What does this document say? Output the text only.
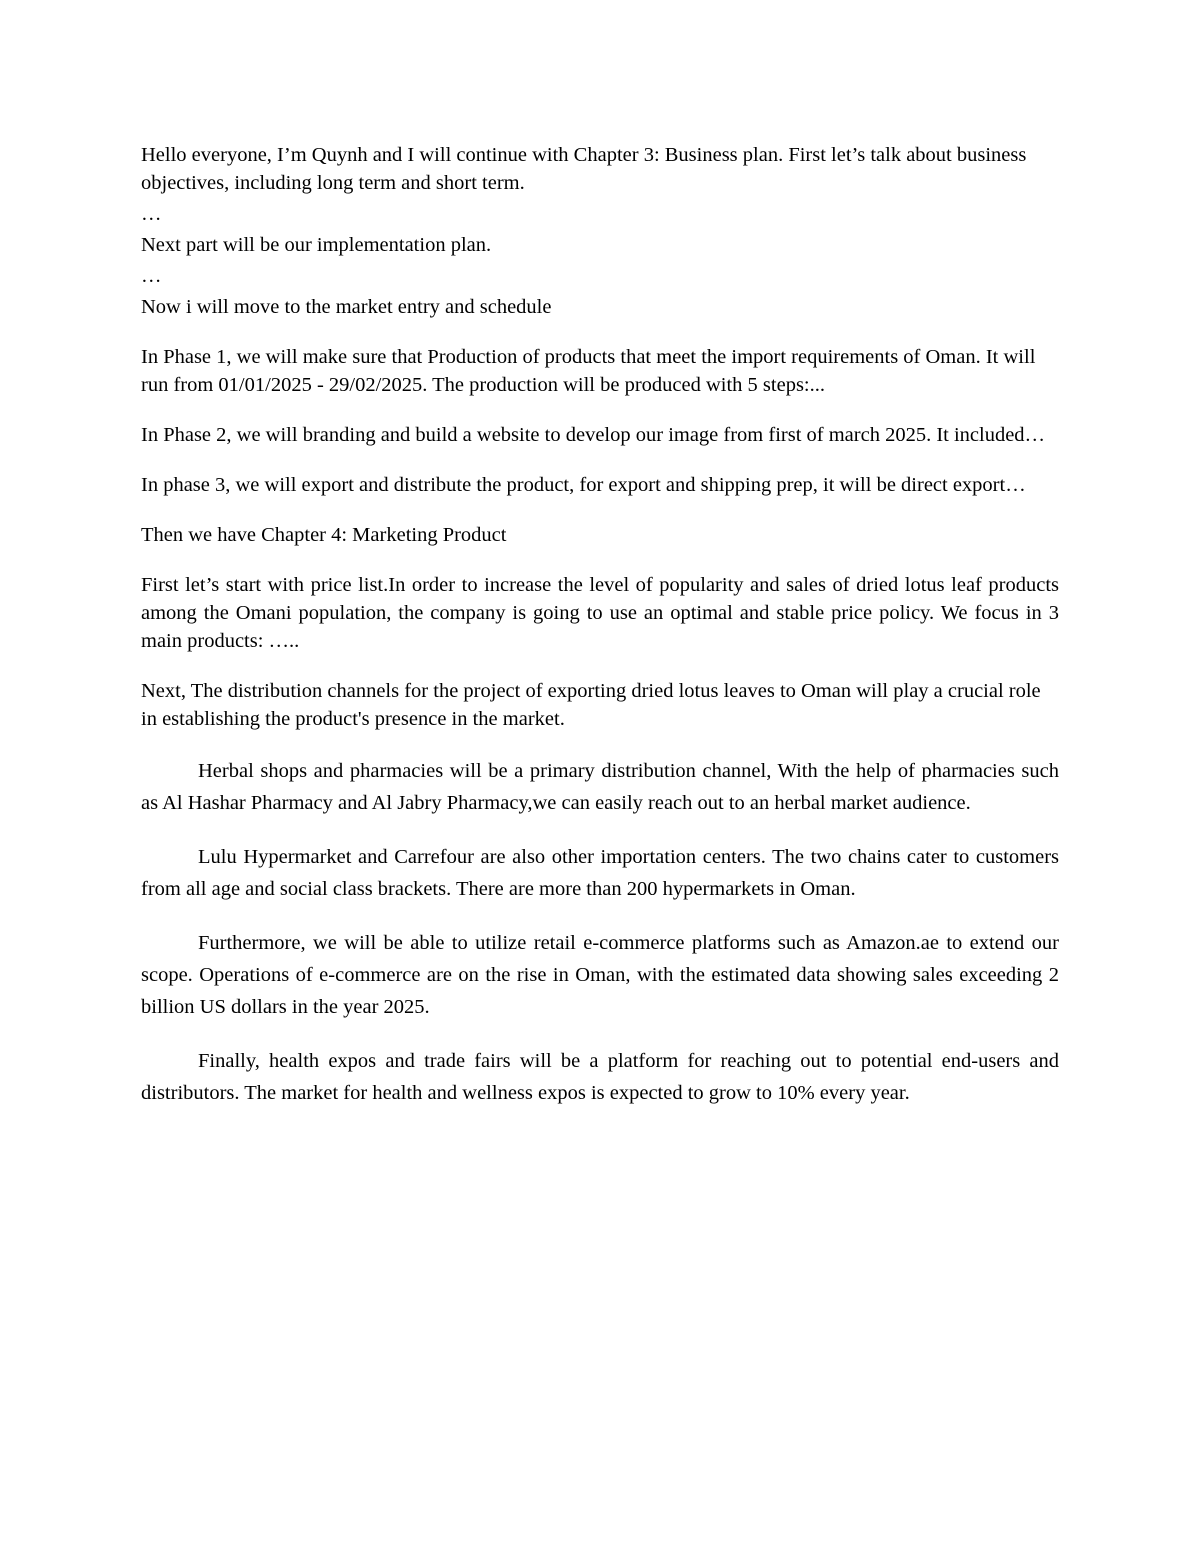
Hello everyone, I’m Quynh and I will continue with Chapter 3: Business plan. First let’s talk about business objectives, including long term and short term.

…

Next part will be our implementation plan.

…

Now i will move to the market entry and schedule

In Phase 1, we will make sure that Production of products that meet the import requirements of Oman. It will run from 01/01/2025 - 29/02/2025. The production will be produced with 5 steps:...

In Phase 2, we will branding and build a website to develop our image from first of march 2025. It included…

In phase 3, we will export and distribute the product, for export and shipping prep, it will be direct export…

Then we have Chapter 4: Marketing Product

First let’s start with price list.In order to increase the level of popularity and sales of dried lotus leaf products among the Omani population, the company is going to use an optimal and stable price policy. We focus in 3 main products: …..

Next, The distribution channels for the project of exporting dried lotus leaves to Oman will play a crucial role in establishing the product's presence in the market.

Herbal shops and pharmacies will be a primary distribution channel, With the help of pharmacies such as Al Hashar Pharmacy and Al Jabry Pharmacy,we can easily reach out to an herbal market audience.

Lulu Hypermarket and Carrefour are also other importation centers. The two chains cater to customers from all age and social class brackets. There are more than 200 hypermarkets in Oman.

Furthermore, we will be able to utilize retail e-commerce platforms such as Amazon.ae to extend our scope. Operations of e-commerce are on the rise in Oman, with the estimated data showing sales exceeding 2 billion US dollars in the year 2025.

Finally, health expos and trade fairs will be a platform for reaching out to potential end-users and distributors. The market for health and wellness expos is expected to grow to 10% every year.
